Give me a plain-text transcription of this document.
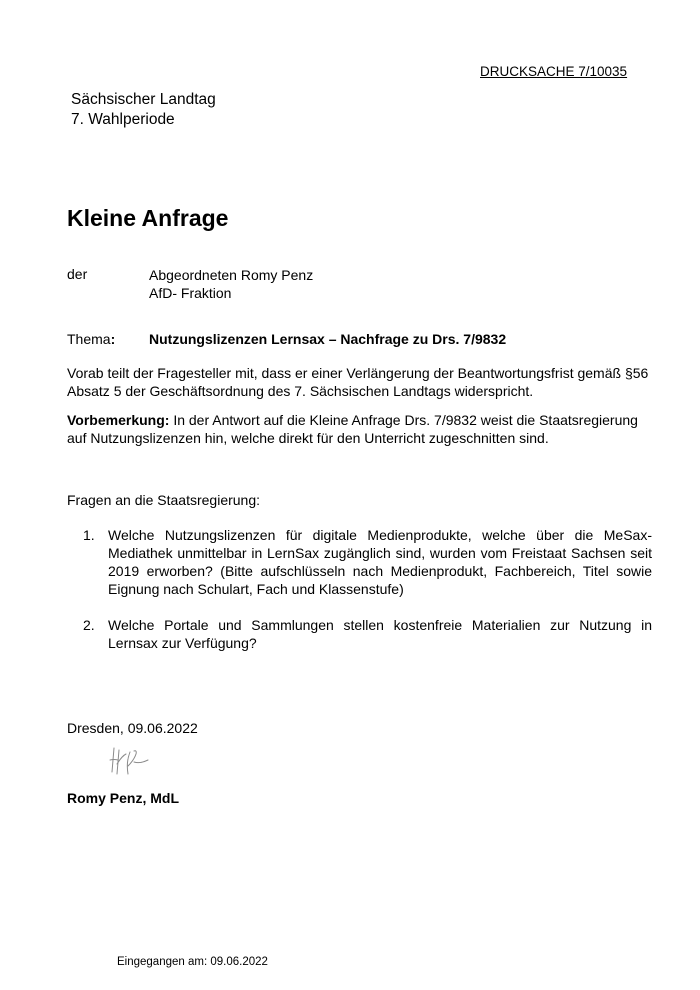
DRUCKSACHE 7/10035
Sächsischer Landtag
7. Wahlperiode
Kleine Anfrage
der	Abgeordneten Romy Penz
AfD- Fraktion
Thema: Nutzungslizenzen Lernsax – Nachfrage zu Drs. 7/9832

Vorab teilt der Fragesteller mit, dass er einer Verlängerung der Beantwortungsfrist gemäß §56 Absatz 5 der Geschäftsordnung des 7. Sächsischen Landtags widerspricht.

Vorbemerkung: In der Antwort auf die Kleine Anfrage Drs. 7/9832 weist die Staatsregierung auf Nutzungslizenzen hin, welche direkt für den Unterricht zugeschnitten sind.

Fragen an die Staatsregierung:
1. Welche Nutzungslizenzen für digitale Medienprodukte, welche über die MeSax-Mediathek unmittelbar in LernSax zugänglich sind, wurden vom Freistaat Sachsen seit 2019 erworben? (Bitte aufschlüsseln nach Medienprodukt, Fachbereich, Titel sowie Eignung nach Schulart, Fach und Klassenstufe)
2. Welche Portale und Sammlungen stellen kostenfreie Materialien zur Nutzung in Lernsax zur Verfügung?
Dresden, 09.06.2022
Romy Penz, MdL
Eingegangen am: 09.06.2022
